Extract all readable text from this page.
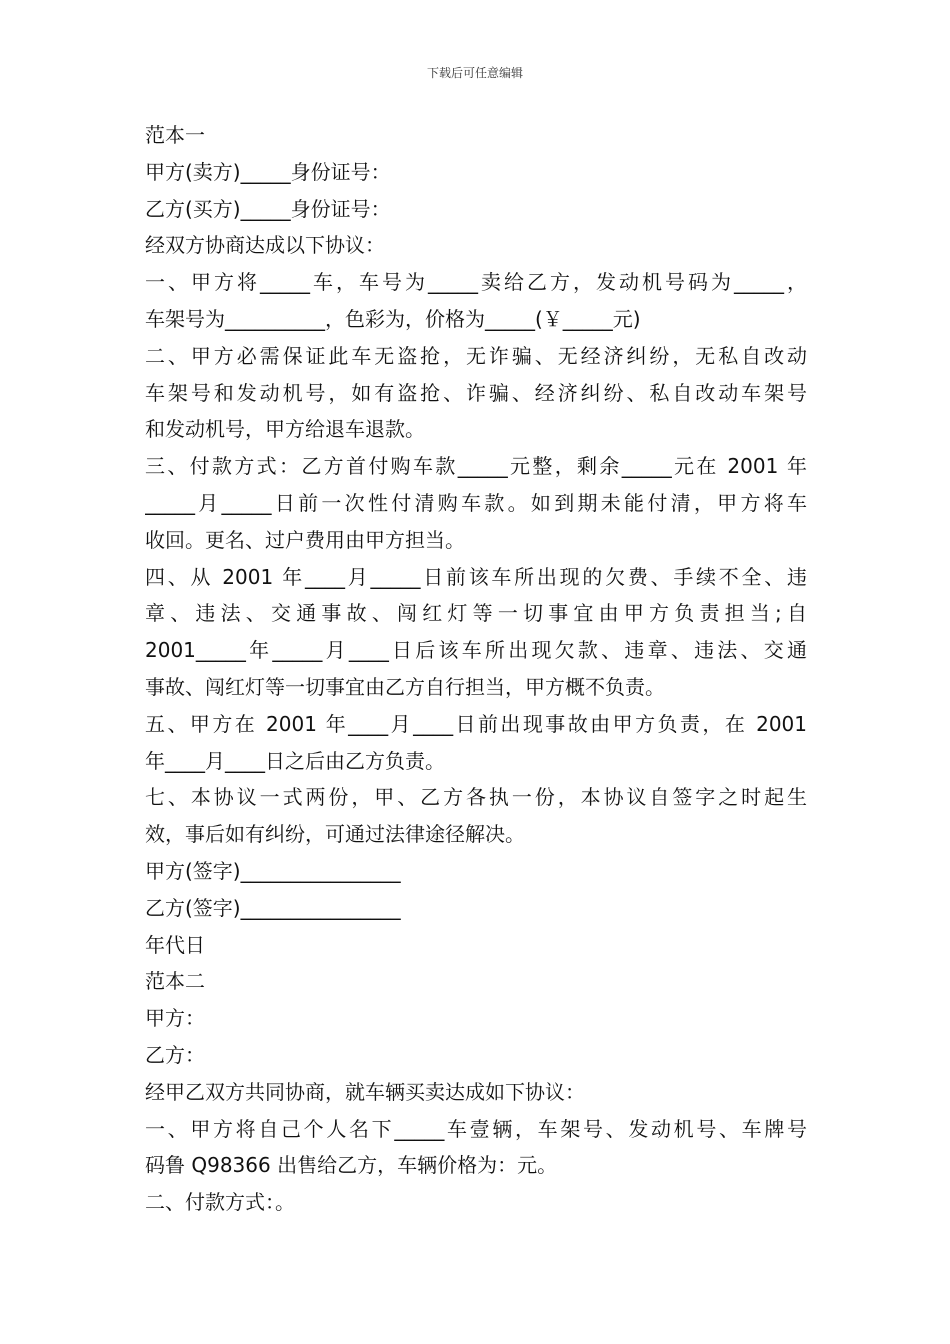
下载后可任意编辑
范本一
甲方(卖方)_____身份证号：
乙方(买方)_____身份证号：
经双方协商达成以下协议：
一、甲方将_____车，车号为_____卖给乙方，发动机号码为_____，
车架号为__________，色彩为，价格为_____(￥_____元)
二、甲方必需保证此车无盗抢，无诈骗、无经济纠纷，无私自改动
车架号和发动机号，如有盗抢、诈骗、经济纠纷、私自改动车架号
和发动机号，甲方给退车退款。
三、付款方式：乙方首付购车款_____元整，剩余_____元在 2001 年
_____月_____日前一次性付清购车款。如到期未能付清，甲方将车
收回。更名、过户费用由甲方担当。
四、从 2001 年____月_____日前该车所出现的欠费、手续不全、违
章、违法、交通事故、闯红灯等一切事宜由甲方负责担当;自
2001_____年_____月____日后该车所出现欠款、违章、违法、交通
事故、闯红灯等一切事宜由乙方自行担当，甲方概不负责。
五、甲方在 2001 年____月____日前出现事故由甲方负责，在 2001
年____月____日之后由乙方负责。
七、本协议一式两份，甲、乙方各执一份，本协议自签字之时起生
效，事后如有纠纷，可通过法律途径解决。
甲方(签字)________________
乙方(签字)________________
年代日
范本二
甲方：
乙方：
经甲乙双方共同协商，就车辆买卖达成如下协议：
一、甲方将自己个人名下_____车壹辆，车架号、发动机号、车牌号
码鲁 Q98366 出售给乙方，车辆价格为：元。
二、付款方式：。
